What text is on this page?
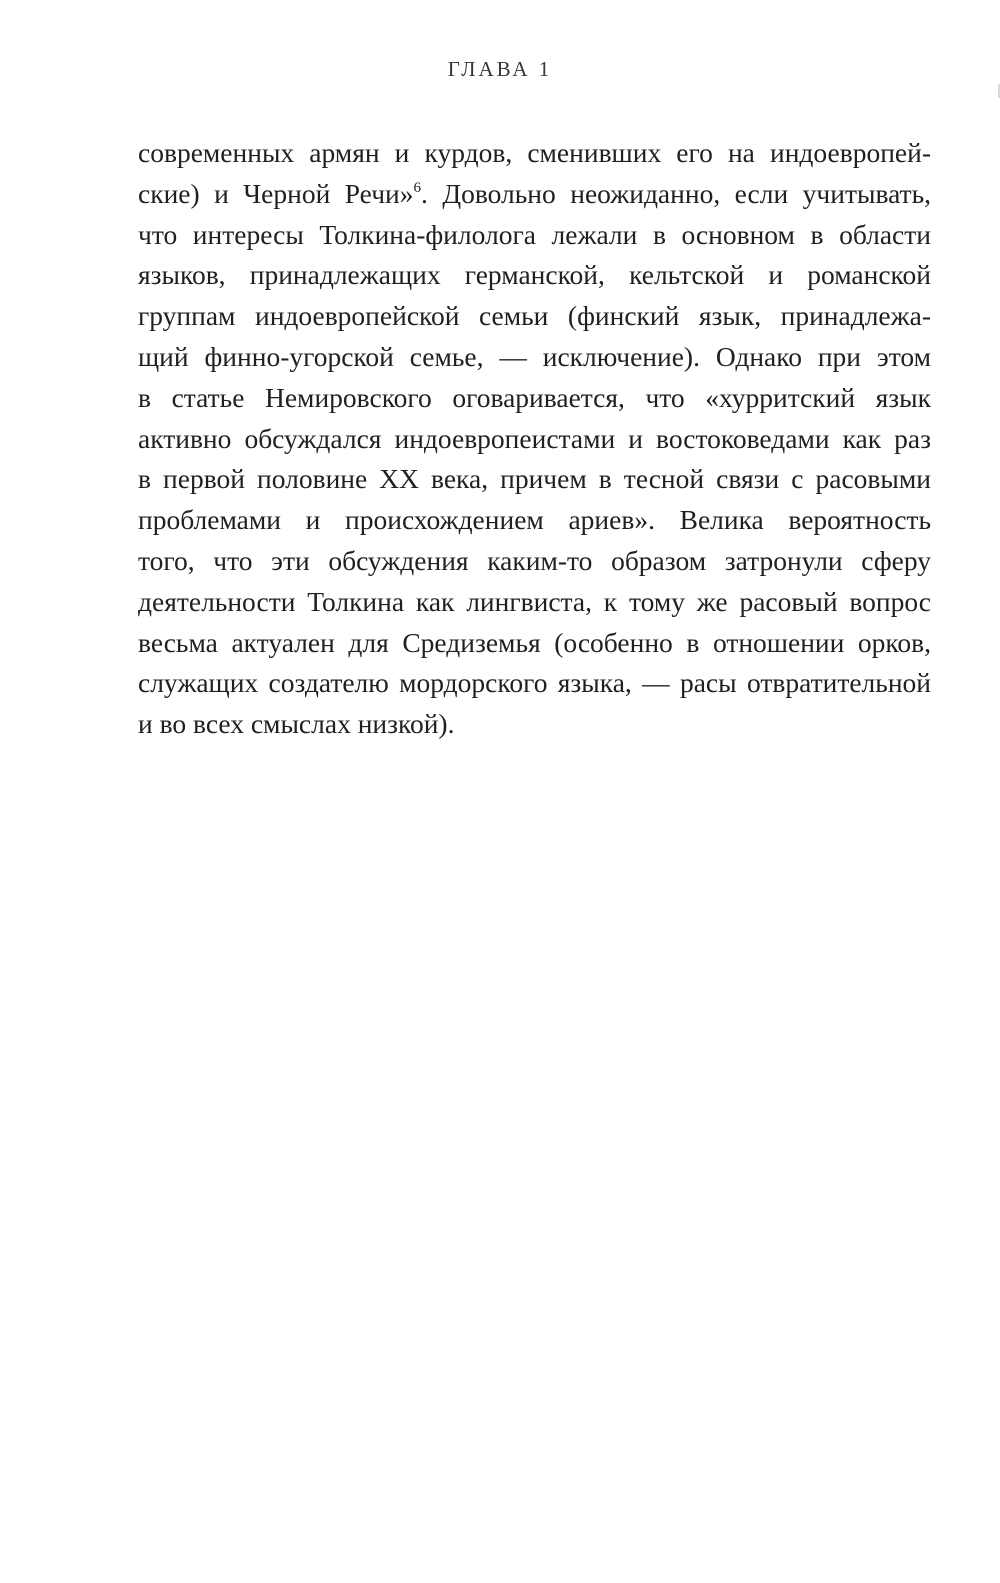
ГЛАВА 1
современных армян и курдов, сменивших его на индоевропей-
ские) и Черной Речи»$^6$. Довольно неожиданно, если учитывать,
что интересы Толкина-филолога лежали в основном в области
языков, принадлежащих германской, кельтской и романской
группам индоевропейской семьи (финский язык, принадлежа-
щий финно-угорской семье, — исключение). Однако при этом
в статье Немировского оговаривается, что «хурритский язык
активно обсуждался индоевропеистами и востоковедами как раз
в первой половине XX века, причем в тесной связи с расовыми
проблемами и происхождением ариев». Велика вероятность
того, что эти обсуждения каким-то образом затронули сферу
деятельности Толкина как лингвиста, к тому же расовый вопрос
весьма актуален для Средиземья (особенно в отношении орков,
служащих создателю мордорского языка, — расы отвратительной
и во всех смыслах низкой).
